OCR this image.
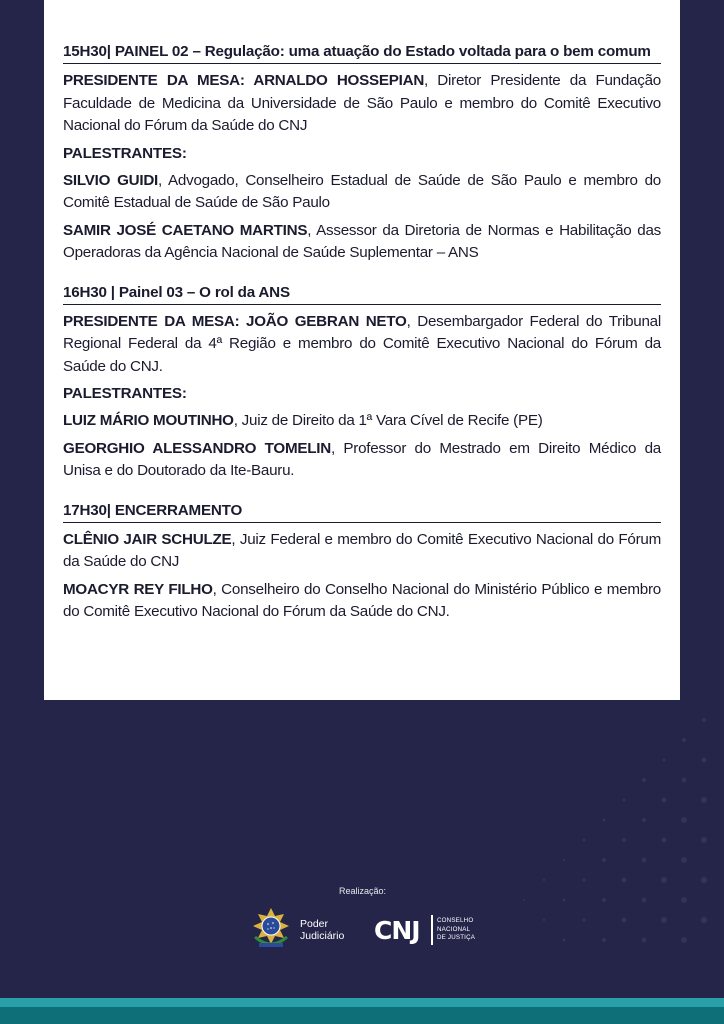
15H30| PAINEL 02 – Regulação: uma atuação do Estado voltada para o bem comum

PRESIDENTE DA MESA: ARNALDO HOSSEPIAN, Diretor Presidente da Fundação Faculdade de Medicina da Universidade de São Paulo e membro do Comitê Executivo Nacional do Fórum da Saúde do CNJ

PALESTRANTES:

SILVIO GUIDI, Advogado, Conselheiro Estadual de Saúde de São Paulo e membro do Comitê Estadual de Saúde de São Paulo

SAMIR JOSÉ CAETANO MARTINS, Assessor da Diretoria de Normas e Habilitação das Operadoras da Agência Nacional de Saúde Suplementar – ANS

16H30 | Painel 03 – O rol da ANS

PRESIDENTE DA MESA: JOÃO GEBRAN NETO, Desembargador Federal do Tribunal Regional Federal da 4ª Região e membro do Comitê Executivo Nacional do Fórum da Saúde do CNJ.

PALESTRANTES:

LUIZ MÁRIO MOUTINHO, Juiz de Direito da 1ª Vara Cível de Recife (PE)

GEORGHIO ALESSANDRO TOMELIN, Professor do Mestrado em Direito Médico da Unisa e do Doutorado da Ite-Bauru.

17H30| ENCERRAMENTO

CLÊNIO JAIR SCHULZE, Juiz Federal e membro do Comitê Executivo Nacional do Fórum da Saúde do CNJ

MOACYR REY FILHO, Conselheiro do Conselho Nacional do Ministério Público e membro do Comitê Executivo Nacional do Fórum da Saúde do CNJ.

Realização:
Poder
Judiciário CNJ	CONSELHO
NACIONAL
DE JUSTIÇA
